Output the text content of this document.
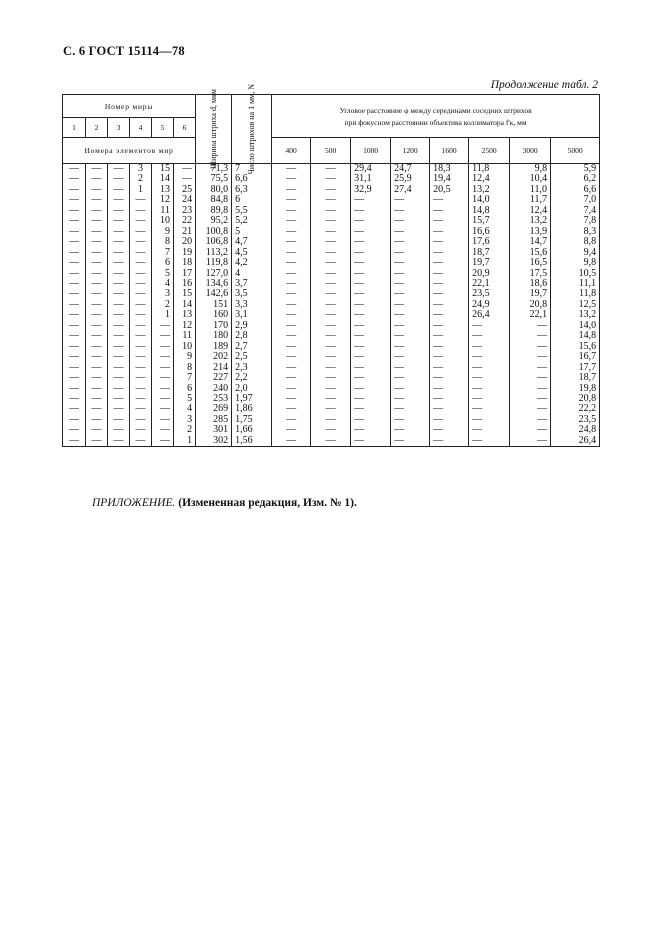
С. 6 ГОСТ 15114—78
Продолжение табл. 2
Номер миры						Ширина штриха d, мкм	Число штрихов на 1 мм, N	Угловое расстояние φ между серединами соседних штрихов
при фокусном расстоянии объектива коллиматора f'к, мм							

1	2	3	4	5	6										
Номера элементов мир								400	500	1000	1200	1600	2500	3000	5000
—	—	—	3	15	—	71,3	7	—	—	29,4	24,7	18,3	11,8	9,8	5,9
—	—	—	2	14	—	75,5	6,6	—	—	31,1	25,9	19,4	12,4	10,4	6,2
—	—	—	1	13	25	80,0	6,3	—	—	32,9	27,4	20,5	13,2	11,0	6,6
—	—	—	—	12	24	84,8	6	—	—	—	—	—	14,0	11,7	7,0
—	—	—	—	11	23	89,8	5,5	—	—	—	—	—	14,8	12,4	7,4
—	—	—	—	10	22	95,2	5,2	—	—	—	—	—	15,7	13,2	7,8
—	—	—	—	9	21	100,8	5	—	—	—	—	—	16,6	13,9	8,3
—	—	—	—	8	20	106,8	4,7	—	—	—	—	—	17,6	14,7	8,8
—	—	—	—	7	19	113,2	4,5	—	—	—	—	—	18,7	15,6	9,4
—	—	—	—	6	18	119,8	4,2	—	—	—	—	—	19,7	16,5	9,8
—	—	—	—	5	17	127,0	4	—	—	—	—	—	20,9	17,5	10,5
—	—	—	—	4	16	134,6	3,7	—	—	—	—	—	22,1	18,6	11,1
—	—	—	—	3	15	142,6	3,5	—	—	—	—	—	23,5	19,7	11,8
—	—	—	—	2	14	151	3,3	—	—	—	—	—	24,9	20,8	12,5
—	—	—	—	1	13	160	3,1	—	—	—	—	—	26,4	22,1	13,2
—	—	—	—	—	12	170	2,9	—	—	—	—	—	—	—	14,0
—	—	—	—	—	11	180	2,8	—	—	—	—	—	—	—	14,8
—	—	—	—	—	10	189	2,7	—	—	—	—	—	—	—	15,6
—	—	—	—	—	9	202	2,5	—	—	—	—	—	—	—	16,7
—	—	—	—	—	8	214	2,3	—	—	—	—	—	—	—	17,7
—	—	—	—	—	7	227	2,2	—	—	—	—	—	—	—	18,7
—	—	—	—	—	6	240	2,0	—	—	—	—	—	—	—	19,8
—	—	—	—	—	5	253	1,97	—	—	—	—	—	—	—	20,8
—	—	—	—	—	4	269	1,86	—	—	—	—	—	—	—	22,2
—	—	—	—	—	3	285	1,75	—	—	—	—	—	—	—	23,5
—	—	—	—	—	2	301	1,66	—	—	—	—	—	—	—	24,8
—	—	—	—	—	1	302	1,56	—	—	—	—	—	—	—	26,4
ПРИЛОЖЕНИЕ. (Измененная редакция, Изм. № 1).
